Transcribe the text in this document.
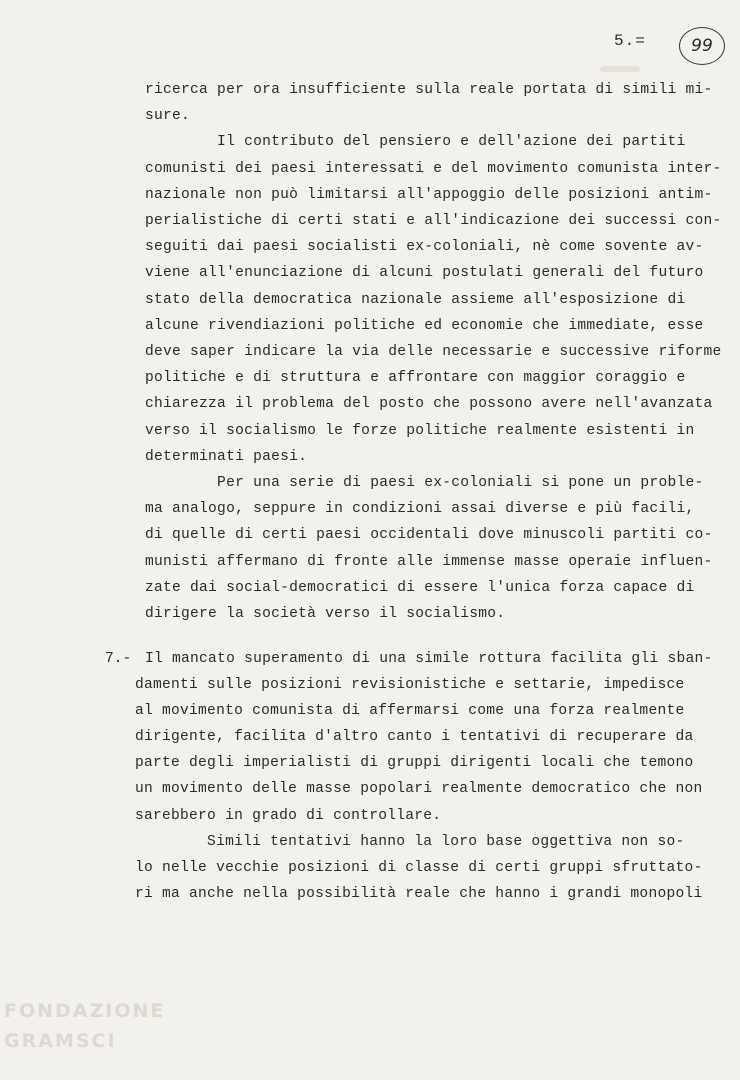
5.=	99
ricerca per ora insufficiente sulla reale portata di simili mi-
sure.
Il contributo del pensiero e dell'azione dei partiti
comunisti dei paesi interessati e del movimento comunista inter-
nazionale non può limitarsi all'appoggio delle posizioni antim-
perialistiche di certi stati e all'indicazione dei successi con-
seguiti dai paesi socialisti ex-coloniali, nè come sovente av-
viene all'enunciazione di alcuni postulati generali del futuro
stato della democratica nazionale assieme all'esposizione di
alcune rivendiazioni politiche ed economie che immediate, esse
deve saper indicare la via delle necessarie e successive riforme
politiche e di struttura e affrontare con maggior coraggio e
chiarezza il problema del posto che possono avere nell'avanzata
verso il socialismo le forze politiche realmente esistenti in
determinati paesi.
Per una serie di paesi ex-coloniali si pone un proble-
ma analogo, seppure in condizioni assai diverse e più facili,
di quelle di certi paesi occidentali dove minuscoli partiti co-
munisti affermano di fronte alle immense masse operaie influen-
zate dai social-democratici di essere l'unica forza capace di
dirigere la società verso il socialismo.
7.- Il mancato superamento di una simile rottura facilita gli sban-
damenti sulle posizioni revisionistiche e settarie, impedisce
al movimento comunista di affermarsi come una forza realmente
dirigente, facilita d'altro canto i tentativi di recuperare da
parte degli imperialisti di gruppi dirigenti locali che temono
un movimento delle masse popolari realmente democratico che non
sarebbero in grado di controllare.
Simili tentativi hanno la loro base oggettiva non so-
lo nelle vecchie posizioni di classe di certi gruppi sfruttato-
ri ma anche nella possibilità reale che hanno i grandi monopoli
FONDAZIONE
GRAMSCI
